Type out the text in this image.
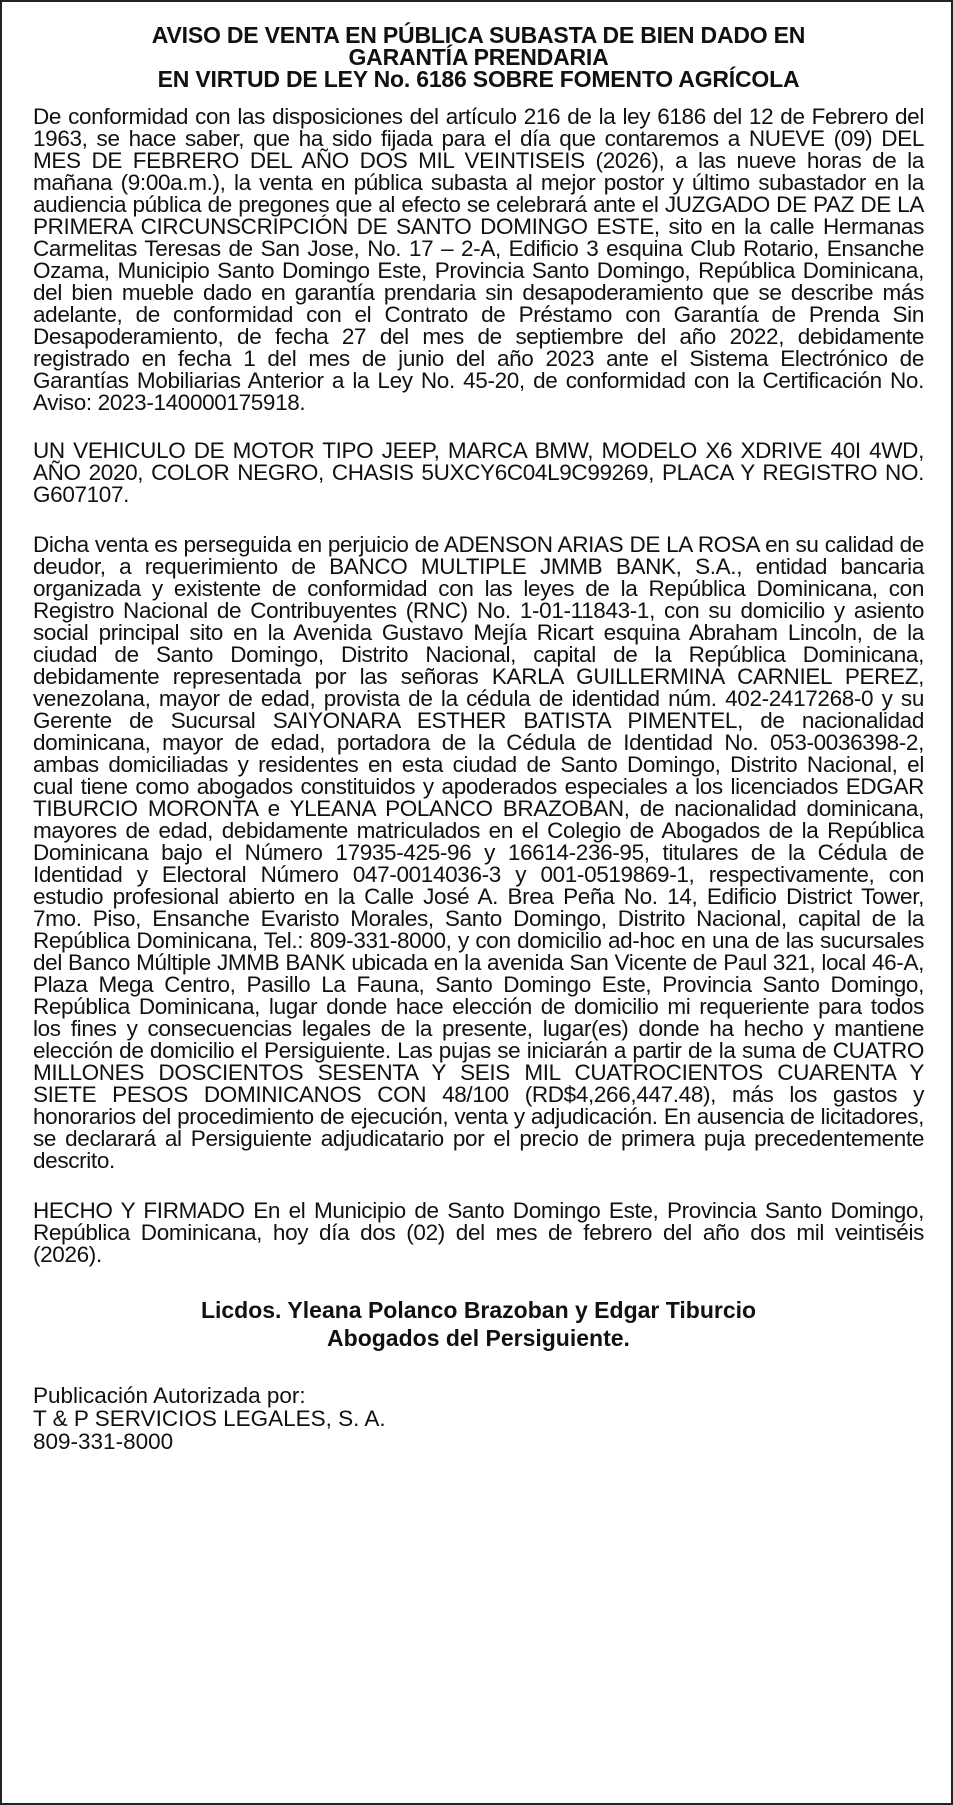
AVISO DE VENTA EN PÚBLICA SUBASTA DE BIEN DADO EN
GARANTÍA PRENDARIA
EN VIRTUD DE LEY No. 6186 SOBRE FOMENTO AGRÍCOLA

De conformidad con las disposiciones del artículo 216 de la ley 6186 del 12 de Febrero del 1963, se hace saber, que ha sido fijada para el día que contaremos a NUEVE (09) DEL MES DE FEBRERO DEL AÑO DOS MIL VEINTISEIS (2026), a las nueve horas de la mañana (9:00a.m.), la venta en pública subasta al mejor postor y último subastador en la audiencia pública de pregones que al efecto se celebrará ante el JUZGADO DE PAZ DE LA PRIMERA CIRCUNSCRIPCIÓN DE SANTO DOMINGO ESTE, sito en la calle Hermanas Carmelitas Teresas de San Jose, No. 17 – 2-A, Edificio 3 esquina Club Rotario, Ensanche Ozama, Municipio Santo Domingo Este, Provincia Santo Domingo, República Dominicana, del bien mueble dado en garantía prendaria sin desapoderamiento que se describe más adelante, de conformidad con el Contrato de Préstamo con Garantía de Prenda Sin Desapoderamiento, de fecha 27 del mes de septiembre del año 2022, debidamente registrado en fecha 1 del mes de junio del año 2023 ante el Sistema Electrónico de Garantías Mobiliarias Anterior a la Ley No. 45-20, de conformidad con la Certificación No. Aviso: 2023-140000175918.

UN VEHICULO DE MOTOR TIPO JEEP, MARCA BMW, MODELO X6 XDRIVE 40I 4WD, AÑO 2020, COLOR NEGRO, CHASIS 5UXCY6C04L9C99269, PLACA Y REGISTRO NO. G607107.

Dicha venta es perseguida en perjuicio de ADENSON ARIAS DE LA ROSA en su calidad de deudor, a requerimiento de BANCO MULTIPLE JMMB BANK, S.A., entidad bancaria organizada y existente de conformidad con las leyes de la República Dominicana, con Registro Nacional de Contribuyentes (RNC) No. 1-01-11843-1, con su domicilio y asiento social principal sito en la Avenida Gustavo Mejía Ricart esquina Abraham Lincoln, de la ciudad de Santo Domingo, Distrito Nacional, capital de la República Dominicana, debidamente representada por las señoras KARLA GUILLERMINA CARNIEL PEREZ, venezolana, mayor de edad, provista de la cédula de identidad núm. 402-2417268-0 y su Gerente de Sucursal SAIYONARA ESTHER BATISTA PIMENTEL, de nacionalidad dominicana, mayor de edad, portadora de la Cédula de Identidad No. 053-0036398-2, ambas domiciliadas y residentes en esta ciudad de Santo Domingo, Distrito Nacional, el cual tiene como abogados constituidos y apoderados especiales a los licenciados EDGAR TIBURCIO MORONTA e YLEANA POLANCO BRAZOBAN, de nacionalidad dominicana, mayores de edad, debidamente matriculados en el Colegio de Abogados de la República Dominicana bajo el Número 17935-425-96 y 16614-236-95, titulares de la Cédula de Identidad y Electoral Número 047-0014036-3 y 001-0519869-1, respectivamente, con estudio profesional abierto en la Calle José A. Brea Peña No. 14, Edificio District Tower, 7mo. Piso, Ensanche Evaristo Morales, Santo Domingo, Distrito Nacional, capital de la República Dominicana, Tel.: 809-331-8000, y con domicilio ad-hoc en una de las sucursales del Banco Múltiple JMMB BANK ubicada en la avenida San Vicente de Paul 321, local 46-A, Plaza Mega Centro, Pasillo La Fauna, Santo Domingo Este, Provincia Santo Domingo, República Dominicana, lugar donde hace elección de domicilio mi requeriente para todos los fines y consecuencias legales de la presente, lugar(es) donde ha hecho y mantiene elección de domicilio el Persiguiente. Las pujas se iniciarán a partir de la suma de CUATRO MILLONES DOSCIENTOS SESENTA Y SEIS MIL CUATROCIENTOS CUARENTA Y SIETE PESOS DOMINICANOS CON 48/100 (RD$4,266,447.48), más los gastos y honorarios del procedimiento de ejecución, venta y adjudicación. En ausencia de licitadores, se declarará al Persiguiente adjudicatario por el precio de primera puja precedentemente descrito.

HECHO Y FIRMADO En el Municipio de Santo Domingo Este, Provincia Santo Domingo, República Dominicana, hoy día dos (02) del mes de febrero del año dos mil veintiséis (2026).

Licdos. Yleana Polanco Brazoban y Edgar Tiburcio
Abogados del Persiguiente.
Publicación Autorizada por:
T & P SERVICIOS LEGALES, S. A.
809-331-8000
